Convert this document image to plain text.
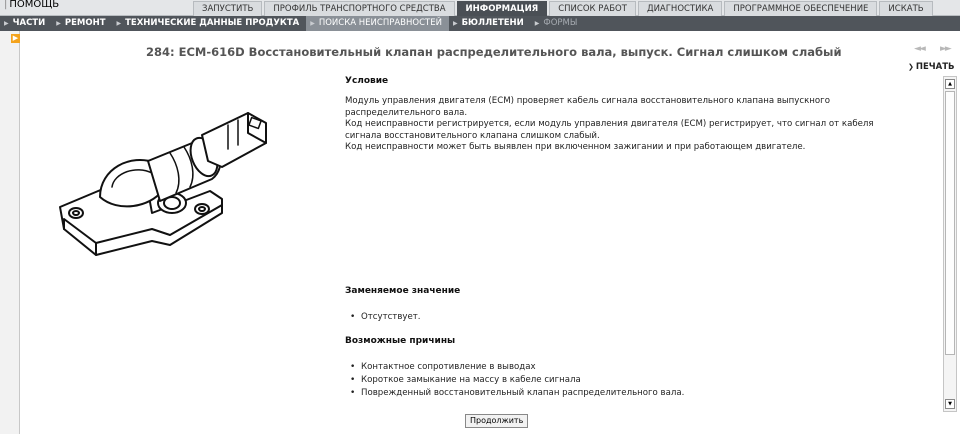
| ПОМОЩЬ	ЗАПУСТИТЬ	ПРОФИЛЬ ТРАНСПОРТНОГО СРЕДСТВА	ИНФОРМАЦИЯ	СПИСОК РАБОТ	ДИАГНОСТИКА	ПРОГРАММНОЕ ОБЕСПЕЧЕНИЕ	ИСКАТЬ
▶ ЧАСТИ ▶ РЕМОНТ ▶ ТЕХНИЧЕСКИЕ ДАННЫЕ ПРОДУКТА ▶ ПОИСКА НЕИСПРАВНОСТЕЙ ▶ БЮЛЛЕТЕНИ ▶ ФОРМЫ
▶
284: ECM-616D Восстановительный клапан распределительного вала, выпуск. Сигнал слишком слабый	◄◄ ►►
❯ ПЕЧАТЬ
Условие
Модуль управления двигателя (ECM) проверяет кабель сигнала восстановительного клапана выпускного
распределительного вала.
Код неисправности регистрируется, если модуль управления двигателя (ECM) регистрирует, что сигнал от кабеля
сигнала восстановительного клапана слишком слабый.
Код неисправности может быть выявлен при включенном зажигании и при работающем двигателе.
Заменяемое значение
• Отсутствует.
Возможные причины
• Контактное сопротивление в выводах
• Короткое замыкание на массу в кабеле сигнала
• Поврежденный восстановительный клапан распределительного вала.
▲
▼
Продолжить
